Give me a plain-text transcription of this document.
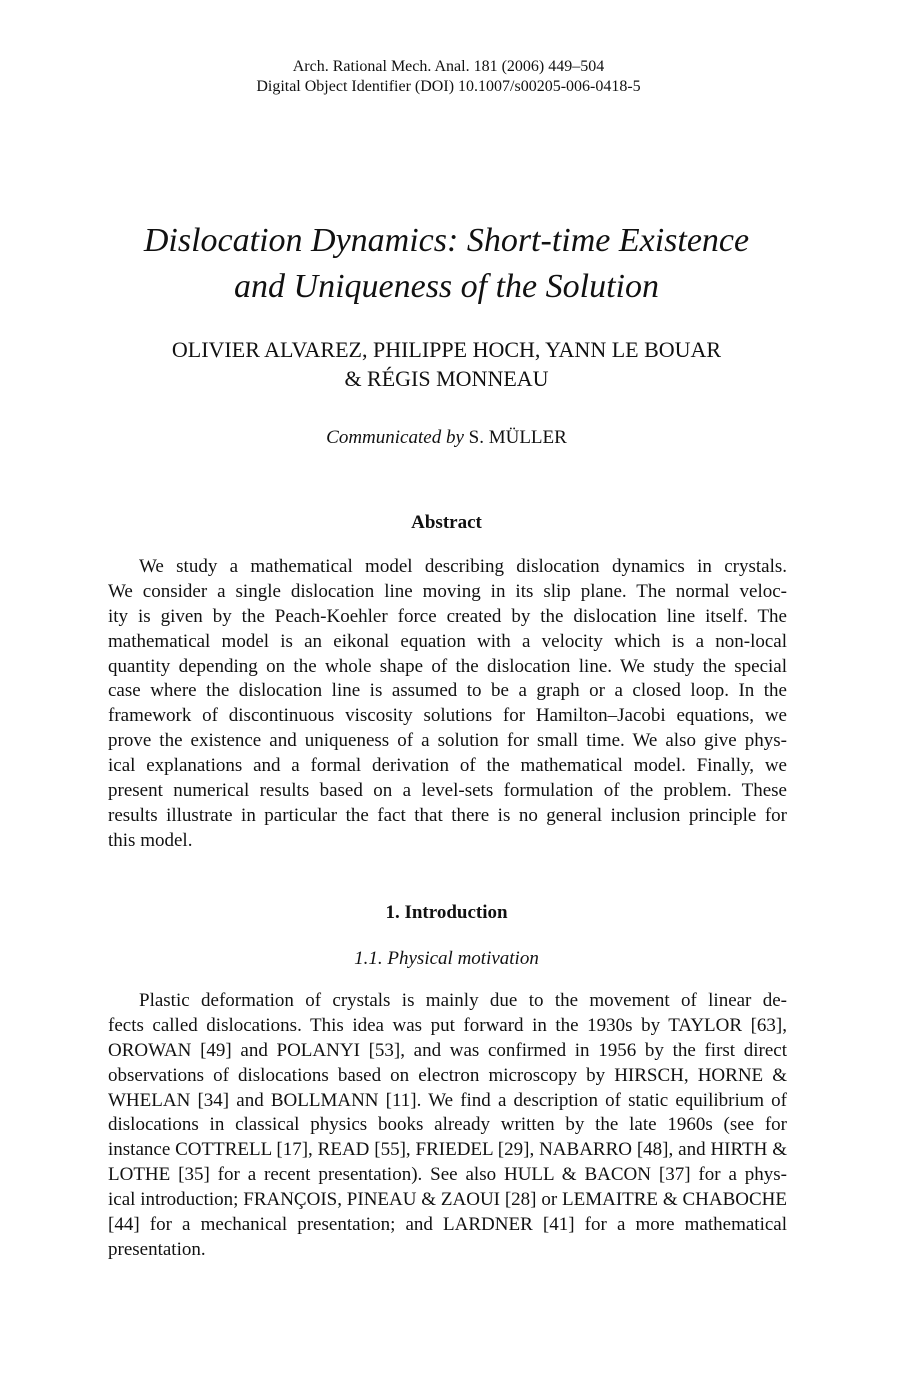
Arch. Rational Mech. Anal. 181 (2006) 449–504
Digital Object Identifier (DOI) 10.1007/s00205-006-0418-5
Dislocation Dynamics: Short-time Existence
and Uniqueness of the Solution
OLIVIER ALVAREZ, PHILIPPE HOCH, YANN LE BOUAR
& RÉGIS MONNEAU
Communicated by S. MÜLLER
Abstract
We study a mathematical model describing dislocation dynamics in crystals.
We consider a single dislocation line moving in its slip plane. The normal veloc-
ity is given by the Peach-Koehler force created by the dislocation line itself. The
mathematical model is an eikonal equation with a velocity which is a non-local
quantity depending on the whole shape of the dislocation line. We study the special
case where the dislocation line is assumed to be a graph or a closed loop. In the
framework of discontinuous viscosity solutions for Hamilton–Jacobi equations, we
prove the existence and uniqueness of a solution for small time. We also give phys-
ical explanations and a formal derivation of the mathematical model. Finally, we
present numerical results based on a level-sets formulation of the problem. These
results illustrate in particular the fact that there is no general inclusion principle for
this model.
1. Introduction
1.1. Physical motivation
Plastic deformation of crystals is mainly due to the movement of linear de-
fects called dislocations. This idea was put forward in the 1930s by TAYLOR [63],
OROWAN [49] and POLANYI [53], and was confirmed in 1956 by the first direct
observations of dislocations based on electron microscopy by HIRSCH, HORNE &
WHELAN [34] and BOLLMANN [11]. We find a description of static equilibrium of
dislocations in classical physics books already written by the late 1960s (see for
instance COTTRELL [17], READ [55], FRIEDEL [29], NABARRO [48], and HIRTH &
LOTHE [35] for a recent presentation). See also HULL & BACON [37] for a phys-
ical introduction; FRANÇOIS, PINEAU & ZAOUI [28] or LEMAITRE & CHABOCHE
[44] for a mechanical presentation; and LARDNER [41] for a more mathematical
presentation.
